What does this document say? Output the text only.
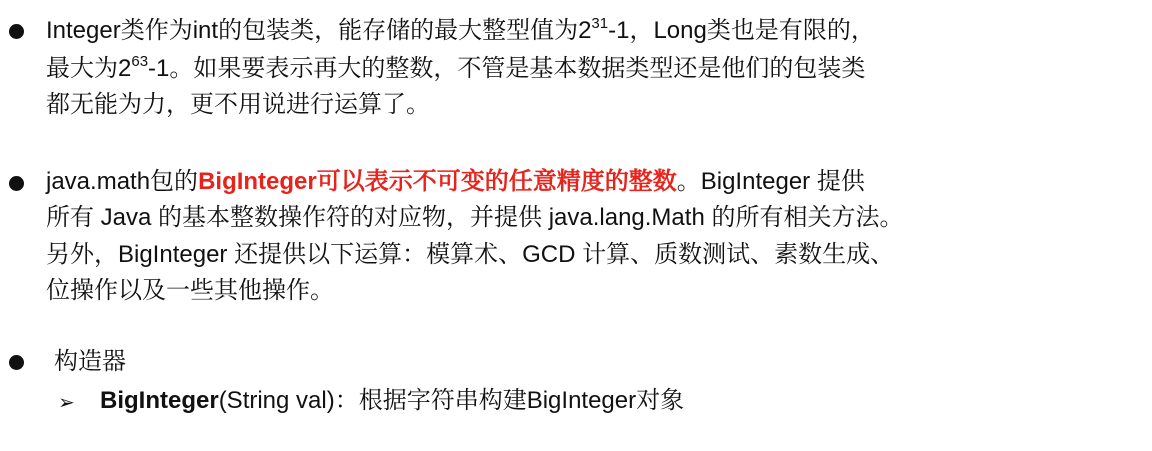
Integer类作为int的包装类，能存储的最大整型值为$2^{31}-1$，Long类也是有限的，
最大为$2^{63}-1$。如果要表示再大的整数，不管是基本数据类型还是他们的包装类
都无能为力，更不用说进行运算了。
java.math包的BigInteger可以表示不可变的任意精度的整数。BigInteger 提供
所有 Java 的基本整数操作符的对应物，并提供 java.lang.Math 的所有相关方法。
另外，BigInteger 还提供以下运算：模算术、GCD 计算、质数测试、素数生成、
位操作以及一些其他操作。
构造器
➢ BigInteger(String val)：根据字符串构建BigInteger对象
